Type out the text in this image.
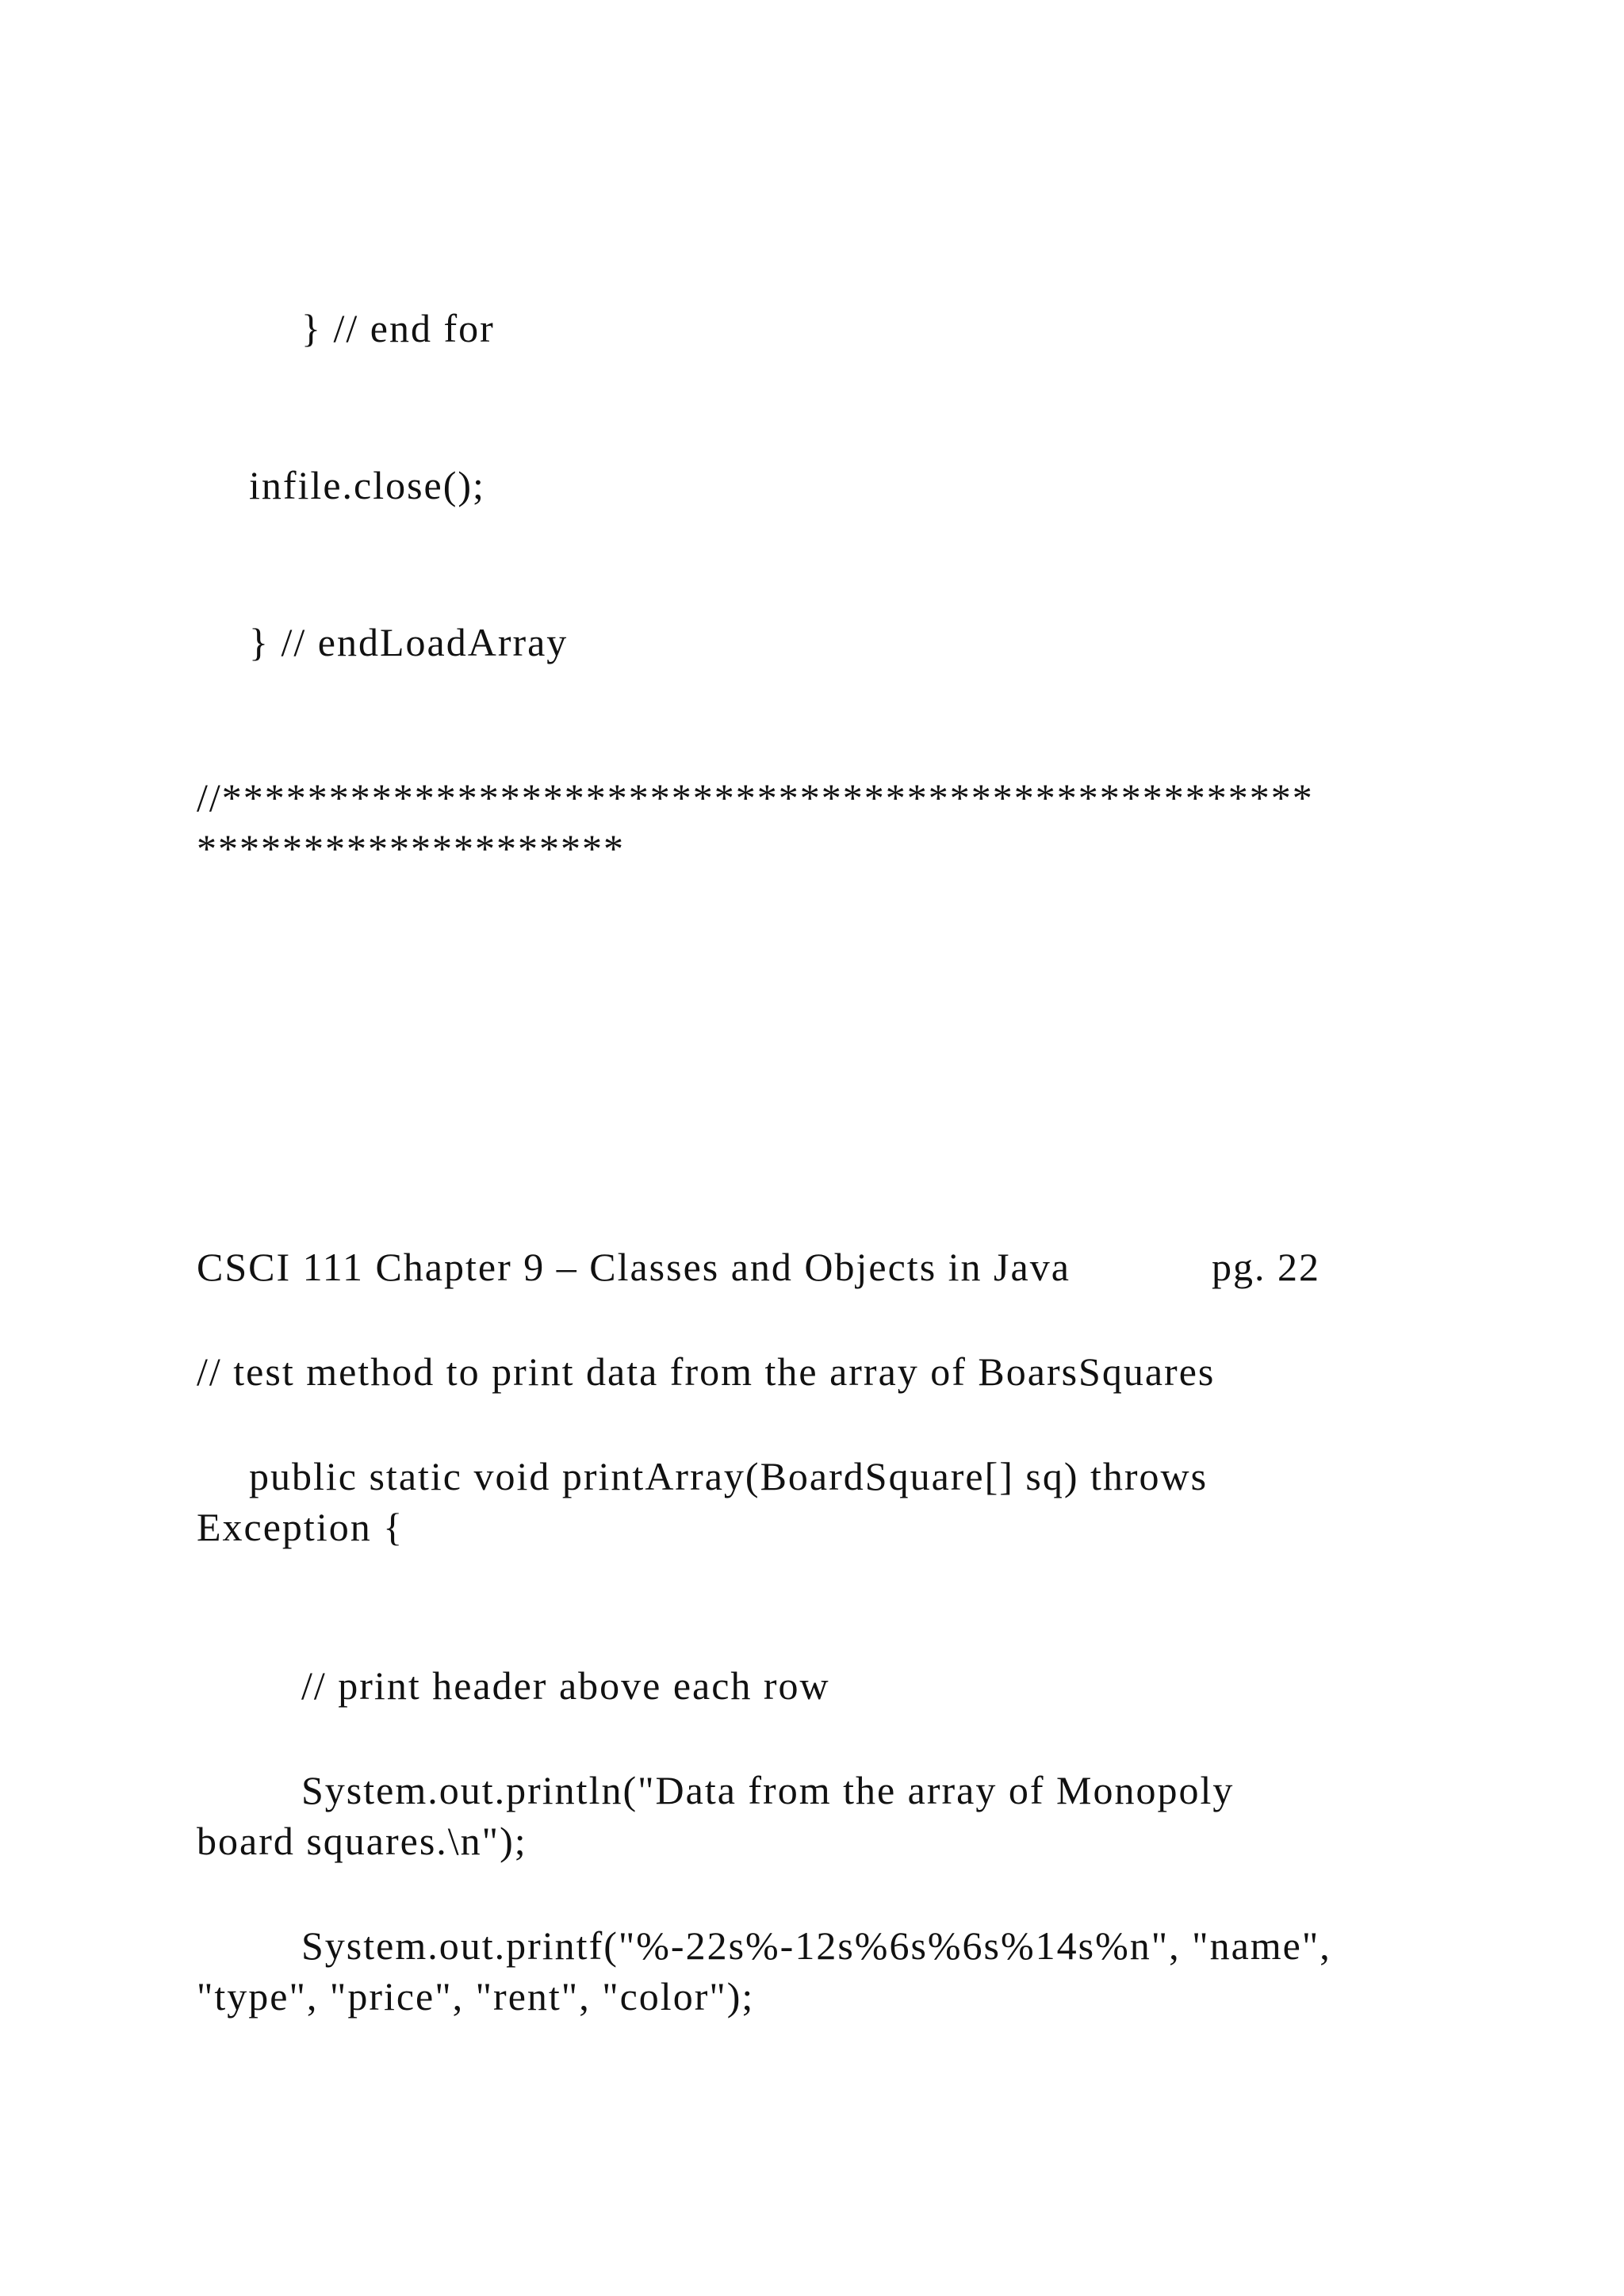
} // end for

infile.close();

} // endLoadArray

//***************************************************

********************

CSCI 111 Chapter 9 – Classes and Objects in Java	pg. 22

// test method to print data from the array of BoarsSquares

public static void printArray(BoardSquare[] sq) throws

Exception {

// print header above each row

System.out.println("Data from the array of Monopoly

board squares.\n");

System.out.printf("%-22s%-12s%6s%6s%14s%n", "name",

"type", "price", "rent", "color");
